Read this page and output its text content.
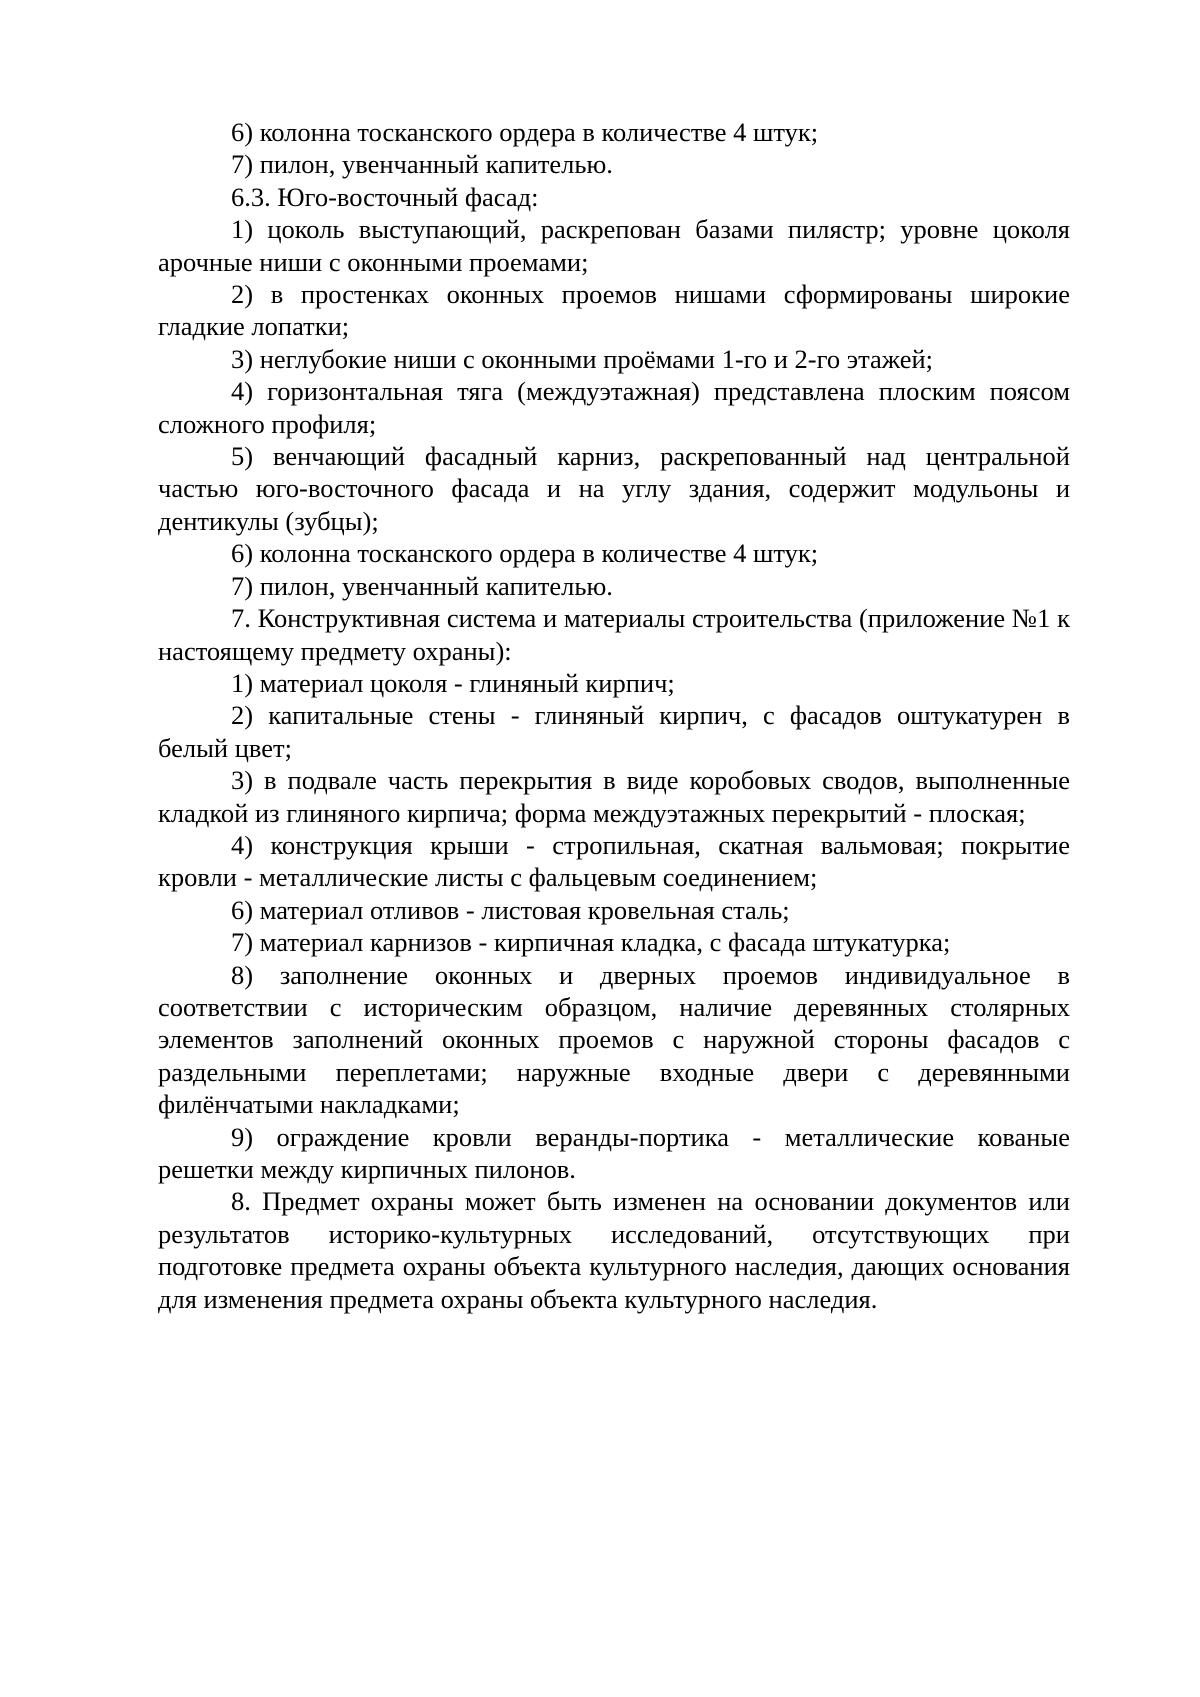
6) колонна тосканского ордера в количестве 4 штук;

7) пилон, увенчанный капителью.

6.3. Юго-восточный фасад:

1) цоколь выступающий, раскрепован базами пилястр; уровне цоколя арочные ниши с оконными проемами;

2) в простенках оконных проемов нишами сформированы широкие гладкие лопатки;

3) неглубокие ниши с оконными проёмами 1-го и 2-го этажей;

4) горизонтальная тяга (междуэтажная) представлена плоским поясом сложного профиля;

5) венчающий фасадный карниз, раскрепованный над центральной частью юго-восточного фасада и на углу здания, содержит модульоны и дентикулы (зубцы);

6) колонна тосканского ордера в количестве 4 штук;

7) пилон, увенчанный капителью.

7. Конструктивная система и материалы строительства (приложение №1 к настоящему предмету охраны):

1) материал цоколя - глиняный кирпич;

2) капитальные стены - глиняный кирпич, с фасадов оштукатурен в белый цвет;

3) в подвале часть перекрытия в виде коробовых сводов, выполненные кладкой из глиняного кирпича; форма междуэтажных перекрытий - плоская;

4) конструкция крыши - стропильная, скатная вальмовая; покрытие кровли - металлические листы с фальцевым соединением;

6) материал отливов - листовая кровельная сталь;

7) материал карнизов - кирпичная кладка, с фасада штукатурка;

8) заполнение оконных и дверных проемов индивидуальное в соответствии с историческим образцом, наличие деревянных столярных элементов заполнений оконных проемов с наружной стороны фасадов с раздельными переплетами; наружные входные двери с деревянными филёнчатыми накладками;

9) ограждение кровли веранды-портика - металлические кованые решетки между кирпичных пилонов.

8. Предмет охраны может быть изменен на основании документов или результатов историко-культурных исследований, отсутствующих при подготовке предмета охраны объекта культурного наследия, дающих основания для изменения предмета охраны объекта культурного наследия.
